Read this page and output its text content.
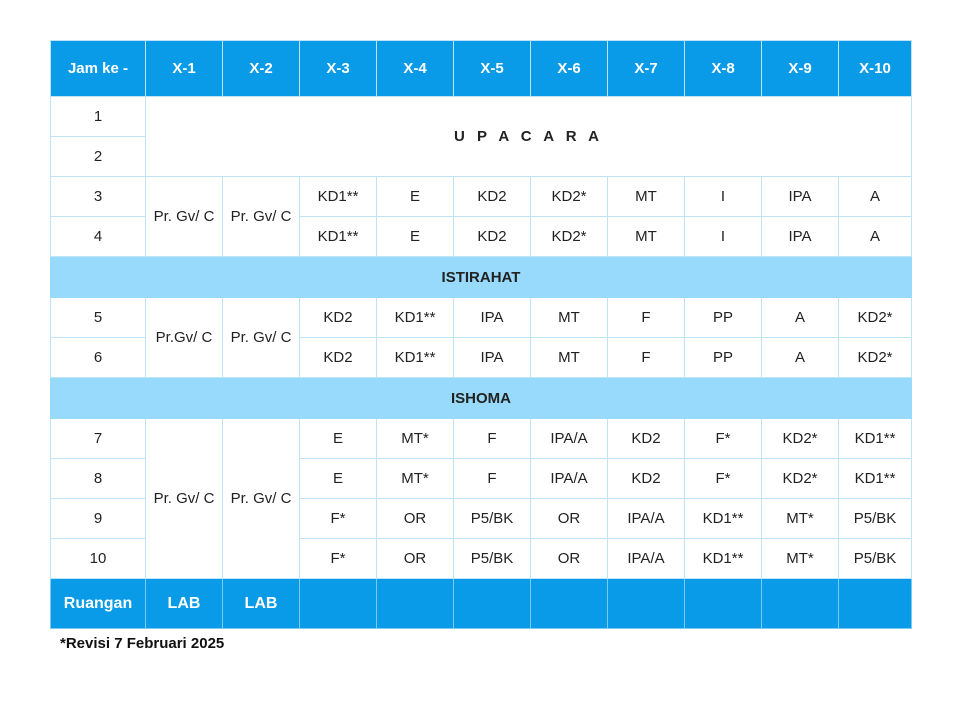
Jam ke -	X-1	X-2	X-3	X-4	X-5	X-6	X-7	X-8	X-9	X-10
1	U P A C A R A									
2										
3	Pr. Gv/ C	Pr. Gv/ C	KD1**	E	KD2	KD2*	MT	I	IPA	A
4			KD1**	E	KD2	KD2*	MT	I	IPA	A
ISTIRAHAT										
5	Pr.Gv/ C	Pr. Gv/ C	KD2	KD1**	IPA	MT	F	PP	A	KD2*
6			KD2	KD1**	IPA	MT	F	PP	A	KD2*
ISHOMA										
7	Pr. Gv/ C	Pr. Gv/ C	E	MT*	F	IPA/A	KD2	F*	KD2*	KD1**
8			E	MT*	F	IPA/A	KD2	F*	KD2*	KD1**
9			F*	OR	P5/BK	OR	IPA/A	KD1**	MT*	P5/BK
10			F*	OR	P5/BK	OR	IPA/A	KD1**	MT*	P5/BK
Ruangan	LAB	LAB								
*Revisi 7 Februari 2025
